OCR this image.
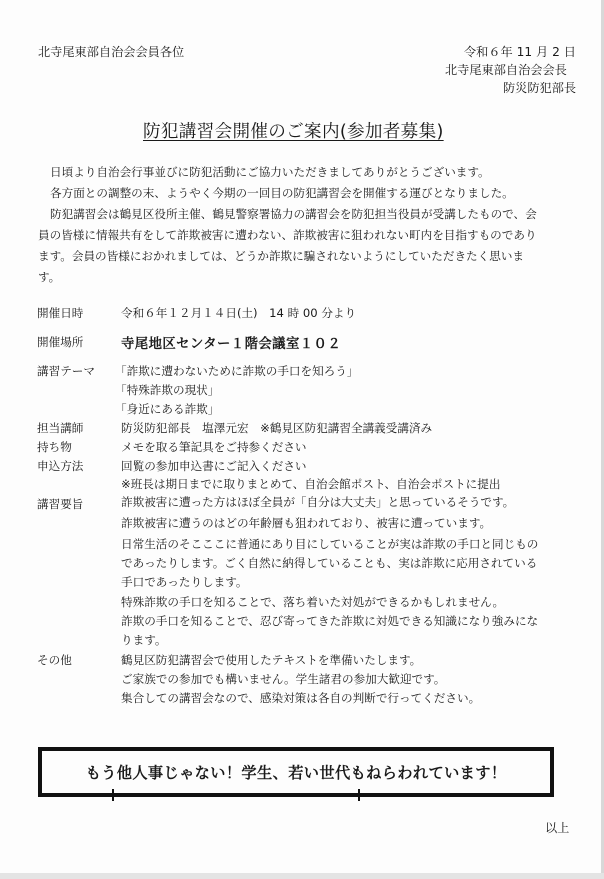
北寺尾東部自治会会員各位	令和６年 11 月 2 日
北寺尾東部自治会会長
防災防犯部長
防犯講習会開催のご案内(参加者募集)

日頃より自治会行事並びに防犯活動にご協力いただきましてありがとうございます。

各方面との調整の末、ようやく今期の一回目の防犯講習会を開催する運びとなりました。

防犯講習会は鶴見区役所主催、鶴見警察署協力の講習会を防犯担当役員が受講したもので、会

員の皆様に情報共有をして詐欺被害に遭わない、詐欺被害に狙われない町内を目指すものであり

ます。会員の皆様におかれましては、どうか詐欺に騙されないようにしていただきたく思いま

す。

開催日時	令和６年１２月１４日(土)　14 時 00 分より
開催場所	寺尾地区センター１階会議室１０２
講習テーマ 「詐欺に遭わないために詐欺の手口を知ろう」
「特殊詐欺の現状」
「身近にある詐欺」
担当講師	防災防犯部長　塩澤元宏　※鶴見区防犯講習全講義受講済み
持ち物	メモを取る筆記具をご持参ください
申込方法	回覧の参加申込書にご記入ください
※班長は期日までに取りまとめて、自治会館ポスト、自治会ポストに提出
講習要旨	詐欺被害に遭った方はほぼ全員が「自分は大丈夫」と思っているそうです。
詐欺被害に遭うのはどの年齢層も狙われており、被害に遭っています。
日常生活のそこここに普通にあり目にしていることが実は詐欺の手口と同じもの
であったりします。ごく自然に納得していることも、実は詐欺に応用されている
手口であったりします。
特殊詐欺の手口を知ることで、落ち着いた対処ができるかもしれません。
詐欺の手口を知ることで、忍び寄ってきた詐欺に対処できる知識になり強みにな
ります。
その他	鶴見区防犯講習会で使用したテキストを準備いたします。
ご家族での参加でも構いません。学生諸君の参加大歓迎です。
集合しての講習会なので、感染対策は各自の判断で行ってください。
もう他人事じゃない！学生、若い世代もねらわれています！
以上
